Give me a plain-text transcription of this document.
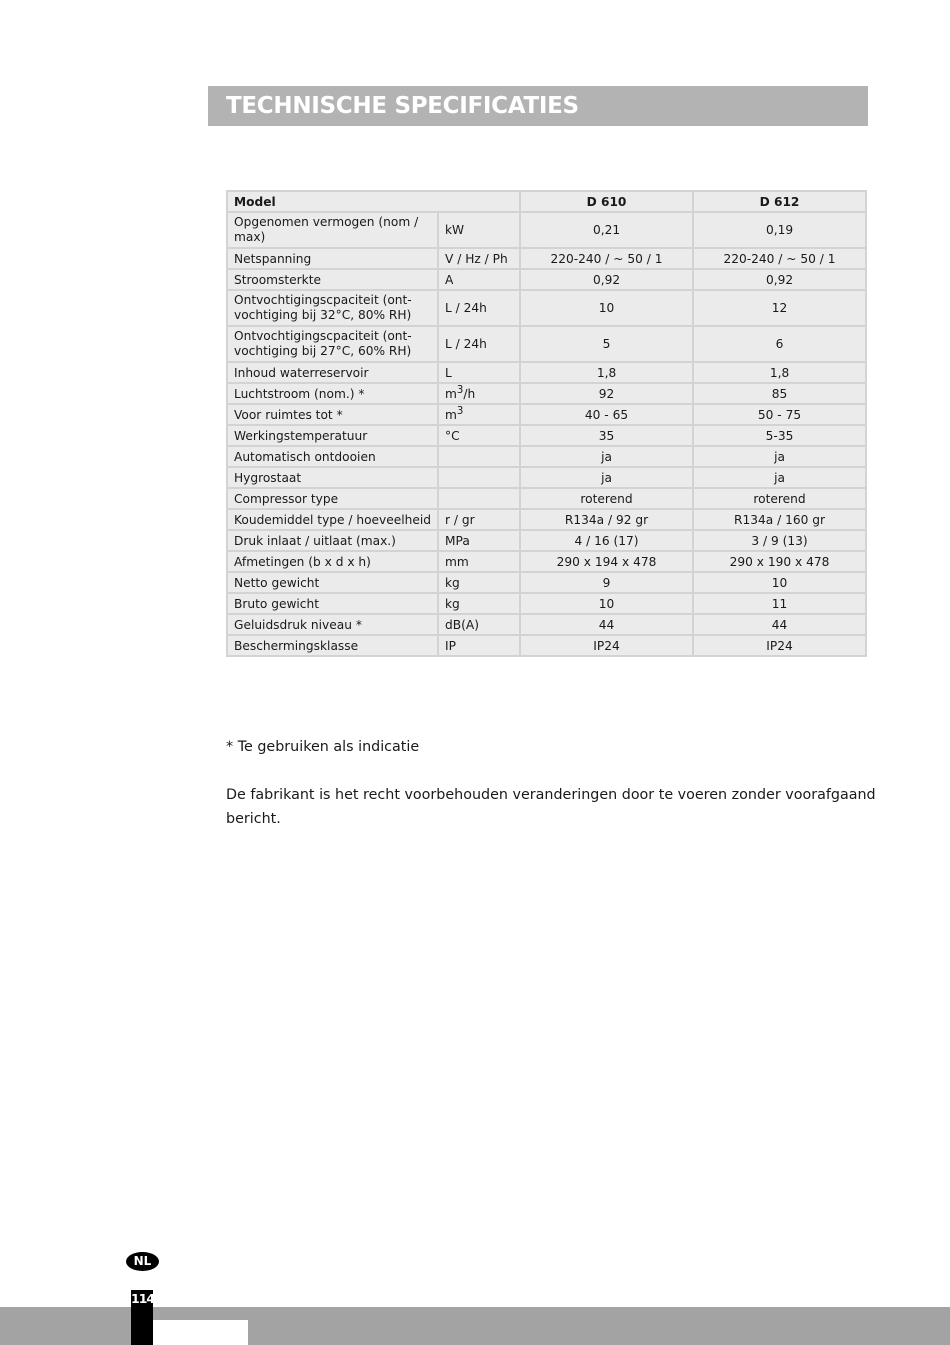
TECHNISCHE SPECIFICATIES
Model		D 610	D 612
Opgenomen vermogen (nom / max)	kW	0,21	0,19
Netspanning	V / Hz / Ph	220-240 / ~ 50 / 1	220-240 / ~ 50 / 1
Stroomsterkte	A	0,92	0,92
Ontvochtigingscpaciteit (ont-vochtiging bij 32°C, 80% RH)	L / 24h	10	12
Ontvochtigingscpaciteit (ont-vochtiging bij 27°C, 60% RH)	L / 24h	5	6
Inhoud waterreservoir	L	1,8	1,8
Luchtstroom (nom.) *	$m^3/h$	92	85
Voor ruimtes tot *	$m^3$	40 - 65	50 - 75
Werkingstemperatuur	°C	35	5-35
Automatisch ontdooien		ja	ja
Hygrostaat		ja	ja
Compressor type		roterend	roterend
Koudemiddel type / hoeveelheid	r / gr	R134a / 92 gr	R134a / 160 gr
Druk inlaat / uitlaat (max.)	MPa	4 / 16 (17)	3 / 9 (13)
Afmetingen (b x d x h)	mm	290 x 194 x 478	290 x 190 x 478
Netto gewicht	kg	9	10
Bruto gewicht	kg	10	11
Geluidsdruk niveau *	dB(A)	44	44
Beschermingsklasse	IP	IP24	IP24

* Te gebruiken als indicatie

De fabrikant is het recht voorbehouden veranderingen door te voeren zonder voorafgaand bericht.

NL
114
